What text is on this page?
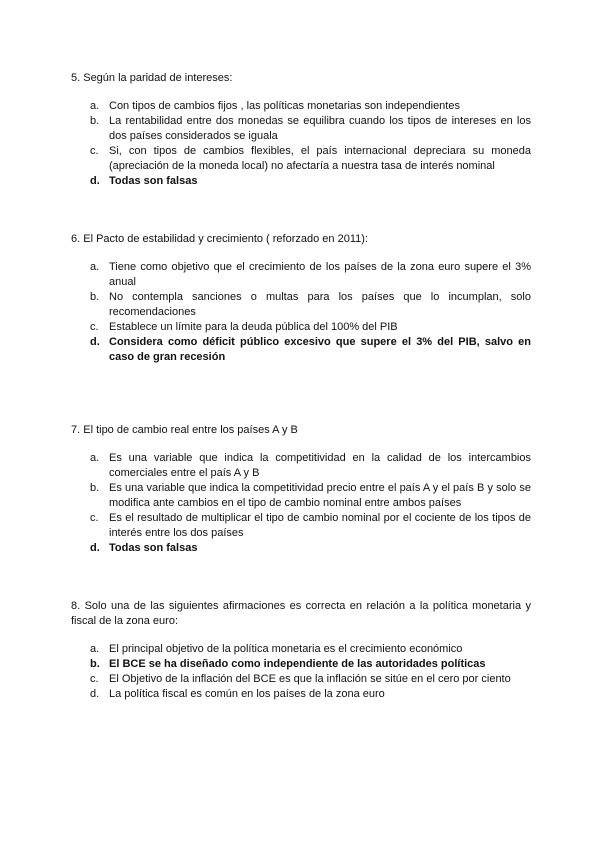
5. Según la paridad de intereses:

a. Con tipos de cambios fijos , las políticas monetarias son independientes
b. La rentabilidad entre dos monedas se equilibra cuando los tipos de intereses en los dos países considerados se iguala
c. Si, con tipos de cambios flexibles, el país internacional depreciara su moneda (apreciación de la moneda local) no afectaría a nuestra tasa de interés nominal
d. Todas son falsas

6. El Pacto de estabilidad y crecimiento ( reforzado en 2011):

a. Tiene como objetivo que el crecimiento de los países de la zona euro supere el 3% anual
b. No contempla sanciones o multas para los países que lo incumplan, solo recomendaciones
c. Establece un límite para la deuda pública del 100% del PIB
d. Considera como déficit público excesivo que supere el 3% del PIB, salvo en caso de gran recesión

7. El tipo de cambio real entre los países A y B

a. Es una variable que indica la competitividad en la calidad de los intercambios comerciales entre el país A y B
b. Es una variable que indica la competitividad precio entre el país A y el país B y solo se modifica ante cambios en el tipo de cambio nominal entre ambos países
c. Es el resultado de multiplicar el tipo de cambio nominal por el cociente de los tipos de interés entre los dos países
d. Todas son falsas

8. Solo una de las siguientes afirmaciones es correcta en relación a la política monetaria y fiscal de la zona euro:

a. El principal objetivo de la política monetaria es el crecimiento económico
b. El BCE se ha diseñado como independiente de las autoridades políticas
c. El Objetivo de la inflación del BCE es que la inflación se sitúe en el cero por ciento
d. La política fiscal es común en los países de la zona euro
